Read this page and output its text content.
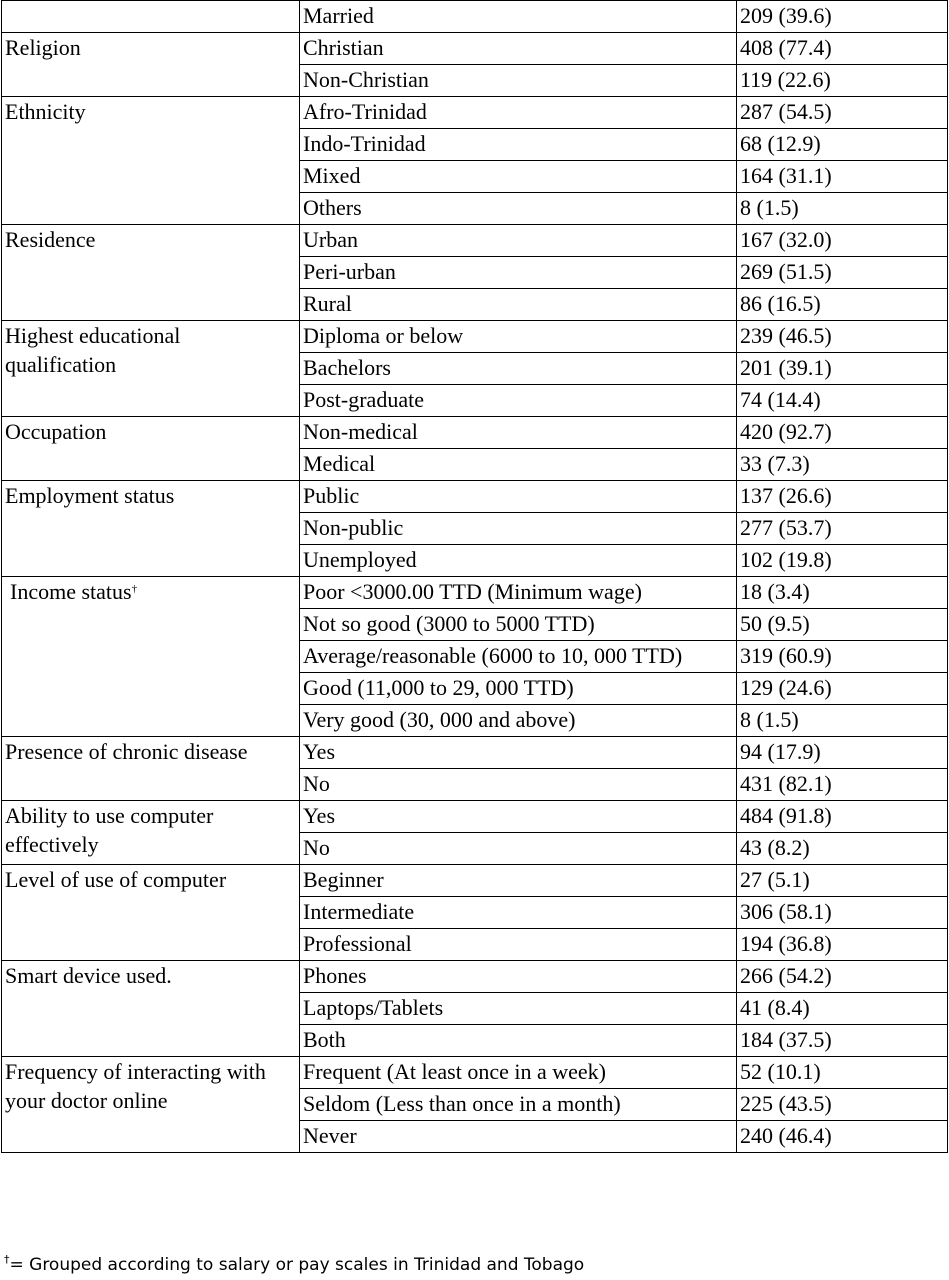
	Married	209 (39.6)
Religion	Christian	408 (77.4)
	Non-Christian	119 (22.6)
Ethnicity	Afro-Trinidad	287 (54.5)
	Indo-Trinidad	68 (12.9)
	Mixed	164 (31.1)
	Others	8 (1.5)
Residence	Urban	167 (32.0)
	Peri-urban	269 (51.5)
	Rural	86 (16.5)
Highest educational qualification	Diploma or below	239 (46.5)
	Bachelors	201 (39.1)
	Post-graduate	74 (14.4)
Occupation	Non-medical	420 (92.7)
	Medical	33 (7.3)
Employment status	Public	137 (26.6)
	Non-public	277 (53.7)
	Unemployed	102 (19.8)
Income status†	Poor <3000.00 TTD (Minimum wage)	18 (3.4)
	Not so good (3000 to 5000 TTD)	50 (9.5)
	Average/reasonable (6000 to 10, 000 TTD)	319 (60.9)
	Good (11,000 to 29, 000 TTD)	129 (24.6)
	Very good (30, 000 and above)	8 (1.5)
Presence of chronic disease	Yes	94 (17.9)
	No	431 (82.1)
Ability to use computer effectively	Yes	484 (91.8)
	No	43 (8.2)
Level of use of computer	Beginner	27 (5.1)
	Intermediate	306 (58.1)
	Professional	194 (36.8)
Smart device used.	Phones	266 (54.2)
	Laptops/Tablets	41 (8.4)
	Both	184 (37.5)
Frequency of interacting with your doctor online	Frequent (At least once in a week)	52 (10.1)
	Seldom (Less than once in a month)	225 (43.5)
	Never	240 (46.4)
†= Grouped according to salary or pay scales in Trinidad and Tobago
